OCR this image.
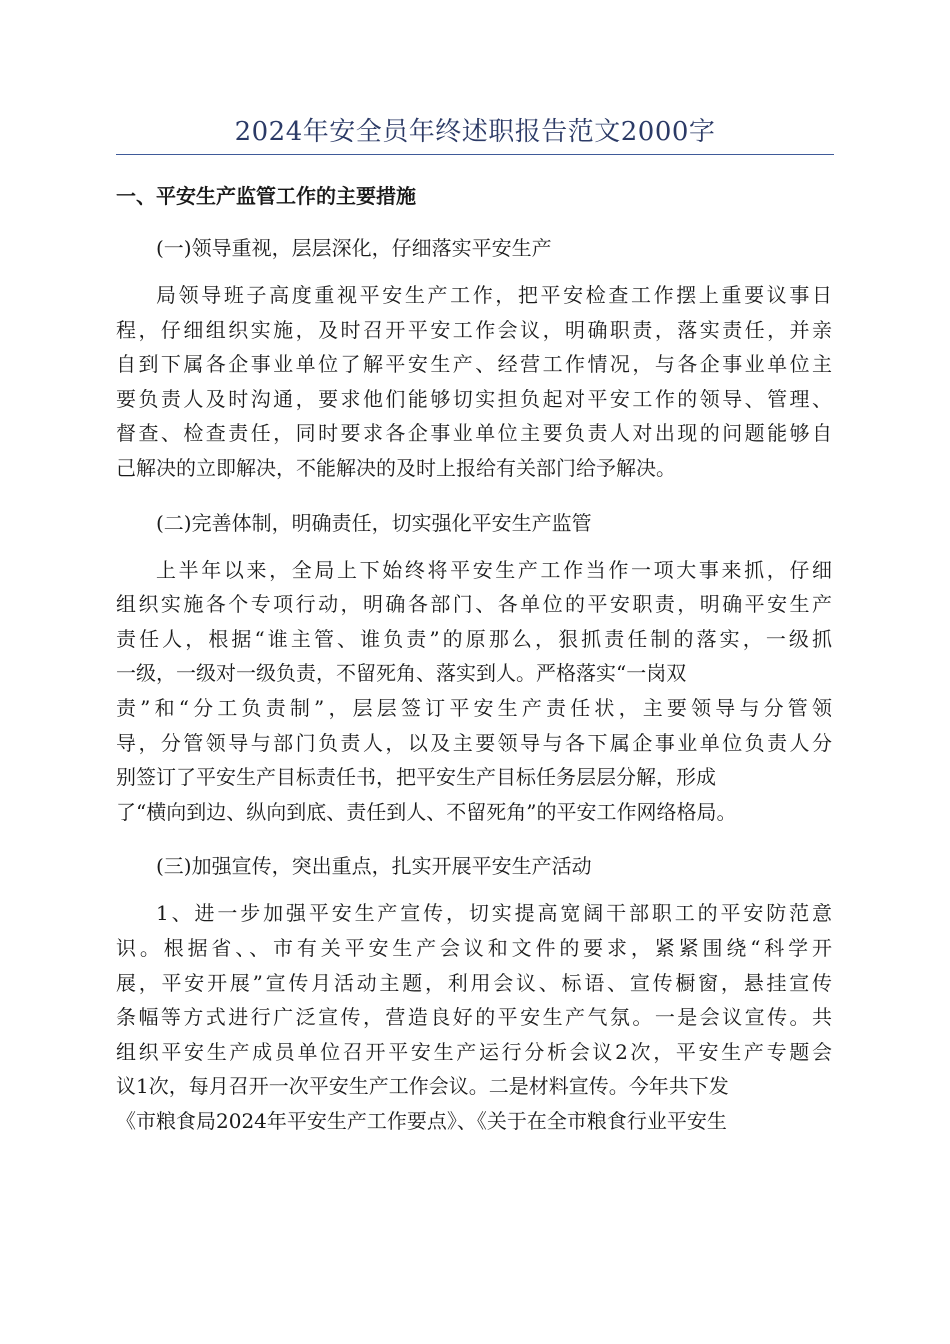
2024年安全员年终述职报告范文2000字
一、平安生产监管工作的主要措施
(一)领导重视，层层深化，仔细落实平安生产
局领导班子高度重视平安生产工作，把平安检查工作摆上重要议事日
程，仔细组织实施，及时召开平安工作会议，明确职责，落实责任，并亲
自到下属各企事业单位了解平安生产、经营工作情况，与各企事业单位主
要负责人及时沟通，要求他们能够切实担负起对平安工作的领导、管理、
督查、检查责任，同时要求各企事业单位主要负责人对出现的问题能够自
己解决的立即解决，不能解决的及时上报给有关部门给予解决。
(二)完善体制，明确责任，切实强化平安生产监管
上半年以来，全局上下始终将平安生产工作当作一项大事来抓，仔细
组织实施各个专项行动，明确各部门、各单位的平安职责，明确平安生产
责任人，根据“谁主管、谁负责”的原那么，狠抓责任制的落实，一级抓
一级，一级对一级负责，不留死角、落实到人。严格落实“一岗双
责”和“分工负责制”，层层签订平安生产责任状，主要领导与分管领
导，分管领导与部门负责人，以及主要领导与各下属企事业单位负责人分
别签订了平安生产目标责任书，把平安生产目标任务层层分解，形成
了“横向到边、纵向到底、责任到人、不留死角”的平安工作网络格局。
(三)加强宣传，突出重点，扎实开展平安生产活动
1、进一步加强平安生产宣传，切实提高宽阔干部职工的平安防范意
识。根据省、、市有关平安生产会议和文件的要求，紧紧围绕“科学开
展，平安开展”宣传月活动主题，利用会议、标语、宣传橱窗，悬挂宣传
条幅等方式进行广泛宣传，营造良好的平安生产气氛。一是会议宣传。共
组织平安生产成员单位召开平安生产运行分析会议2次，平安生产专题会
议1次，每月召开一次平安生产工作会议。二是材料宣传。今年共下发
《市粮食局2024年平安生产工作要点》、《关于在全市粮食行业平安生
